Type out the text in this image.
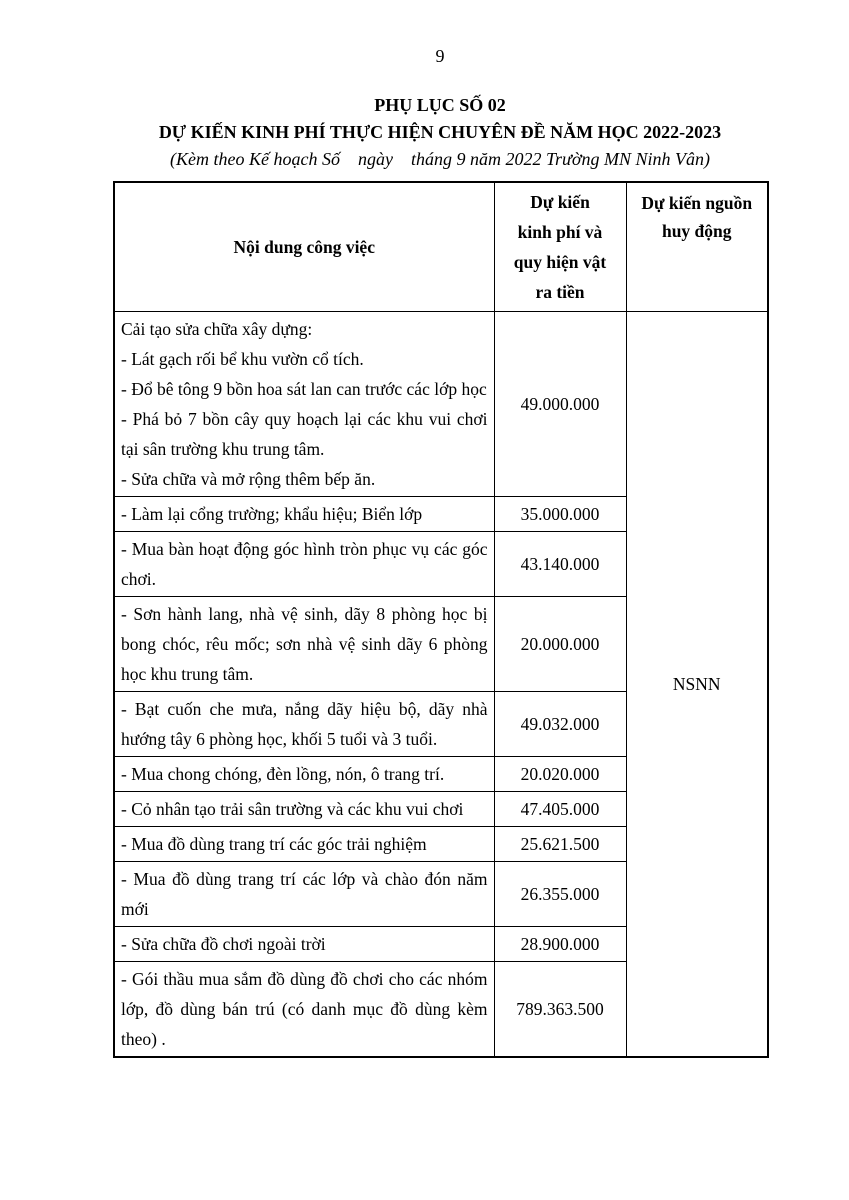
9
PHỤ LỤC SỐ 02
DỰ KIẾN KINH PHÍ THỰC HIỆN CHUYÊN ĐỀ NĂM HỌC 2022-2023
(Kèm theo Kế hoạch Số    ngày    tháng 9 năm 2022 Trường MN Ninh Vân)
Nội dung công việc	
Dự kiến
kinh phí và
quy hiện vật
ra tiền

Dự kiến nguồn
huy động

Cải tạo sửa chữa xây dựng:

- Lát gạch rối bể khu vườn cổ tích.

- Đổ bê tông 9 bồn hoa sát lan can trước các lớp học

- Phá bỏ 7 bồn cây quy hoạch lại các khu vui chơi tại sân trường khu trung tâm.

- Sửa chữa và mở rộng thêm bếp ăn.	49.000.000	NSNN

- Làm lại cổng trường; khẩu hiệu; Biển lớp	35.000.000	

- Mua bàn hoạt động góc hình tròn phục vụ các góc chơi.	43.140.000	

- Sơn hành lang, nhà vệ sinh, dãy 8 phòng học bị bong chóc, rêu mốc; sơn nhà vệ sinh dãy 6 phòng học khu trung tâm.	20.000.000	

- Bạt cuốn che mưa, nắng dãy hiệu bộ, dãy nhà hướng tây 6 phòng học, khối 5 tuổi và 3 tuổi.	49.032.000	

- Mua chong chóng, đèn lồng, nón, ô trang trí.	20.020.000	

- Cỏ nhân tạo trải sân trường và các khu vui chơi	47.405.000	

- Mua đồ dùng trang trí các góc trải nghiệm	25.621.500	

- Mua đồ dùng trang trí các lớp và chào đón năm mới	26.355.000	

- Sửa chữa đồ chơi ngoài trời	28.900.000	

- Gói thầu mua sắm đồ dùng đồ chơi cho các nhóm lớp, đồ dùng bán trú (có danh mục đồ dùng kèm theo) .	789.363.500	
